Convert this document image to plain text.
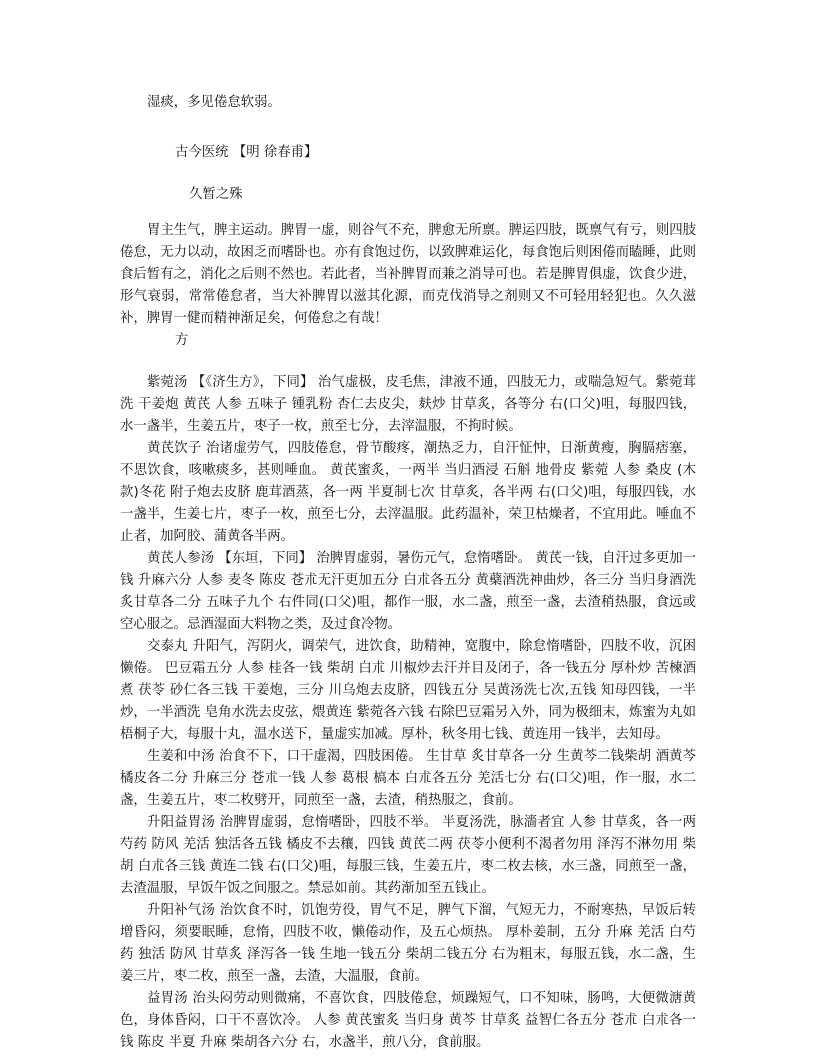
湿痰，多见倦怠软弱。
古今医统 【明 徐春甫】
久暂之殊

胃主生气，脾主运动。脾胃一虚，则谷气不充，脾愈无所禀。脾运四肢，既禀气有亏，则四肢倦怠，无力以动，故困乏而嗜卧也。亦有食饱过伤，以致脾难运化，每食饱后则困倦而瞌睡，此则食后暂有之，消化之后则不然也。若此者，当补脾胃而兼之消导可也。若是脾胃俱虚，饮食少进，形气衰弱，常常倦怠者，当大补脾胃以滋其化源，而克伐消导之剂则又不可轻用轻犯也。久久滋补，脾胃一健而精神渐足矣，何倦怠之有哉！

方

紫菀汤 【《济生方》，下同】 治气虚极，皮毛焦，津液不通，四肢无力，或喘急短气。紫菀茸洗 干姜炮 黄芪 人参 五味子 锺乳粉 杏仁去皮尖，麸炒 甘草炙，各等分 右(口父)咀，每服四钱，水一盏半，生姜五片，枣子一枚，煎至七分，去滓温服，不拘时候。

黄芪饮子 治诸虚劳气，四肢倦怠，骨节酸疼，潮热乏力，自汗怔忡，日渐黄瘦，胸膈痞塞，不思饮食，咳嗽痰多，甚则唾血。 黄芪蜜炙，一两半 当归酒浸 石斛 地骨皮 紫菀 人参 桑皮 (木款)冬花 附子炮去皮脐 鹿茸酒蒸，各一两 半夏制七次 甘草炙，各半两 右(口父)咀，每服四钱，水一盏半，生姜七片，枣子一枚，煎至七分，去滓温服。此药温补，荣卫枯燥者，不宜用此。唾血不止者，加阿胶、蒲黄各半两。

黄芪人参汤 【东垣，下同】 治脾胃虚弱，暑伤元气，怠惰嗜卧。 黄芪一钱，自汗过多更加一钱 升麻六分 人参 麦冬 陈皮 苍朮无汗更加五分 白朮各五分 黄蘗酒洗神曲炒，各三分 当归身酒洗 炙甘草各二分 五味子九个 右件同(口父)咀，都作一服，水二盏，煎至一盏，去渣稍热服，食远或空心服之。忌酒湿面大料物之类，及过食冷物。

交泰丸 升阳气，泻阴火，调荣气，进饮食，助精神，宽腹中，除怠惰嗜卧，四肢不收，沉困懒倦。 巴豆霜五分 人参 桂各一钱 柴胡 白朮 川椒炒去汗并目及闭子，各一钱五分 厚朴炒 苦楝酒煮 茯苓 砂仁各三钱 干姜炮，三分 川乌炮去皮脐，四钱五分 吴黄汤洗七次,五钱 知母四钱，一半炒，一半酒洗 皂角水洗去皮弦，煨黄连 紫菀各六钱 右除巴豆霜另入外，同为极细末，炼蜜为丸如梧桐子大，每服十丸，温水送下，量虚实加减。厚朴，秋冬用七钱、黄连用一钱半，去知母。

生姜和中汤 治食不下，口干虚渴，四肢困倦。 生甘草 炙甘草各一分 生黄芩二钱柴胡 酒黄芩 橘皮各二分 升麻三分 苍朮一钱 人参 葛根 槁本 白朮各五分 羌活七分 右(口父)咀，作一服，水二盏，生姜五片，枣二枚劈开，同煎至一盏，去渣，稍热服之，食前。

升阳益胃汤 治脾胃虚弱，怠惰嗜卧，四肢不举。 半夏汤洗，脉濇者宜 人参 甘草炙，各一两 芍药 防风 羌活 独活各五钱 橘皮不去穰，四钱 黄芪二两 茯苓小便利不渴者勿用 泽泻不淋勿用 柴胡 白朮各三钱 黄连二钱 右(口父)咀，每服三钱，生姜五片，枣二枚去核，水三盏，同煎至一盏，去渣温服，早饭午饭之间服之。禁忌如前。其药渐加至五钱止。

升阳补气汤 治饮食不时，饥饱劳役，胃气不足，脾气下溜，气短无力，不耐寒热，早饭后转增昏闷，须要眠睡，怠惰，四肢不收，懒倦动作，及五心烦热。 厚朴姜制，五分 升麻 羌活 白芍药 独活 防风 甘草炙 泽泻各一钱 生地一钱五分 柴胡二钱五分 右为粗末，每服五钱，水二盏，生姜三片，枣二枚，煎至一盏，去渣，大温服，食前。

益胃汤 治头闷劳动则微痛，不喜饮食，四肢倦怠，烦躁短气，口不知味，肠鸣，大便微溏黄色，身体昏闷，口干不喜饮冷。 人参 黄芪蜜炙 当归身 黄芩 甘草炙 益智仁各五分 苍朮 白朮各一钱 陈皮 半夏 升麻 柴胡各六分 右，水盏半，煎八分，食前服。
